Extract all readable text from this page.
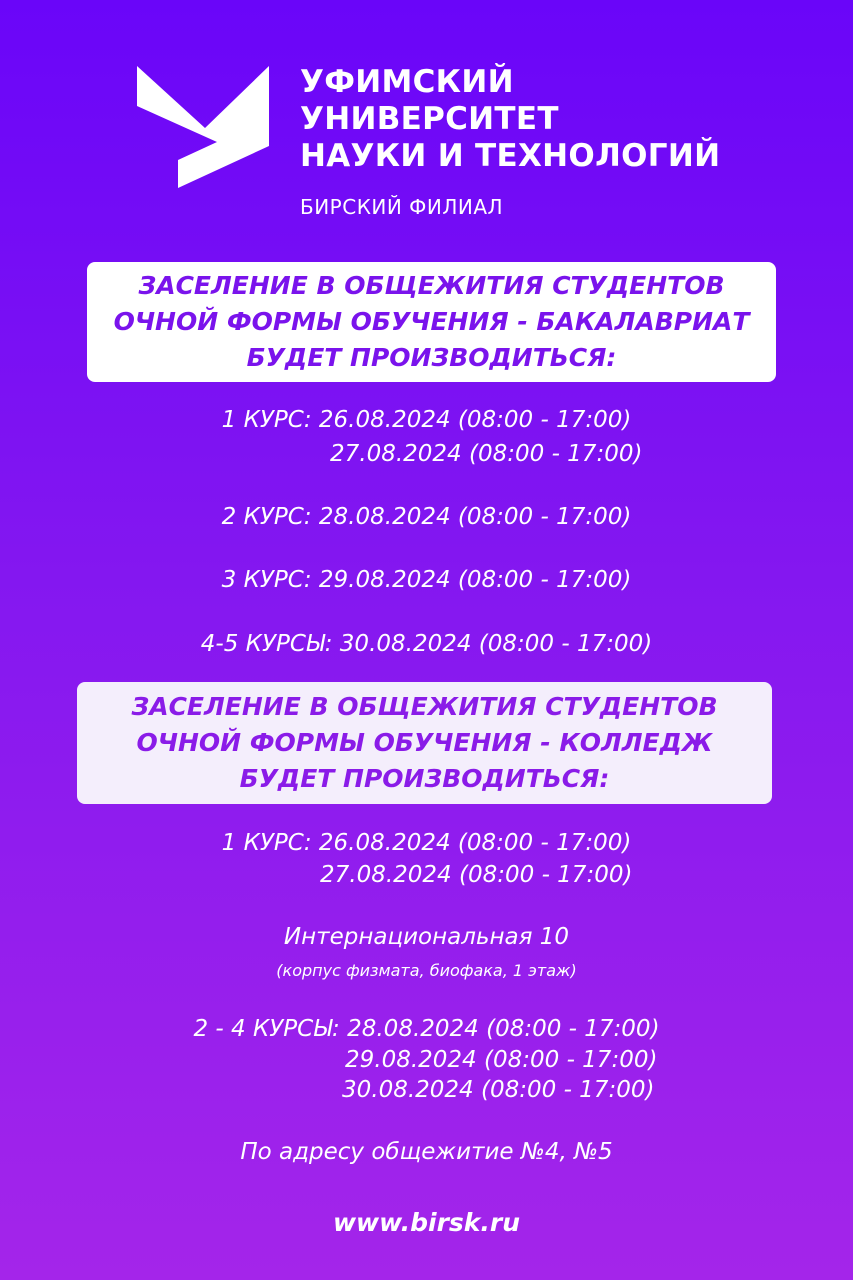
УФИМСКИЙ
УНИВЕРСИТЕТ
НАУКИ И ТЕХНОЛОГИЙ
БИРСКИЙ ФИЛИАЛ
ЗАСЕЛЕНИЕ В ОБЩЕЖИТИЯ СТУДЕНТОВ
ОЧНОЙ ФОРМЫ ОБУЧЕНИЯ - БАКАЛАВРИАТ
БУДЕТ ПРОИЗВОДИТЬСЯ:
1 КУРС: 26.08.2024 (08:00 - 17:00)
27.08.2024 (08:00 - 17:00)
2 КУРС: 28.08.2024 (08:00 - 17:00)
3 КУРС: 29.08.2024 (08:00 - 17:00)
4-5 КУРСЫ: 30.08.2024 (08:00 - 17:00)
ЗАСЕЛЕНИЕ В ОБЩЕЖИТИЯ СТУДЕНТОВ
ОЧНОЙ ФОРМЫ ОБУЧЕНИЯ - КОЛЛЕДЖ
БУДЕТ ПРОИЗВОДИТЬСЯ:
1 КУРС: 26.08.2024 (08:00 - 17:00)
27.08.2024 (08:00 - 17:00)
Интернациональная 10
(корпус физмата, биофака, 1 этаж)
2 - 4 КУРСЫ: 28.08.2024 (08:00 - 17:00)
29.08.2024 (08:00 - 17:00)
30.08.2024 (08:00 - 17:00)
По адресу общежитие №4, №5
www.birsk.ru
